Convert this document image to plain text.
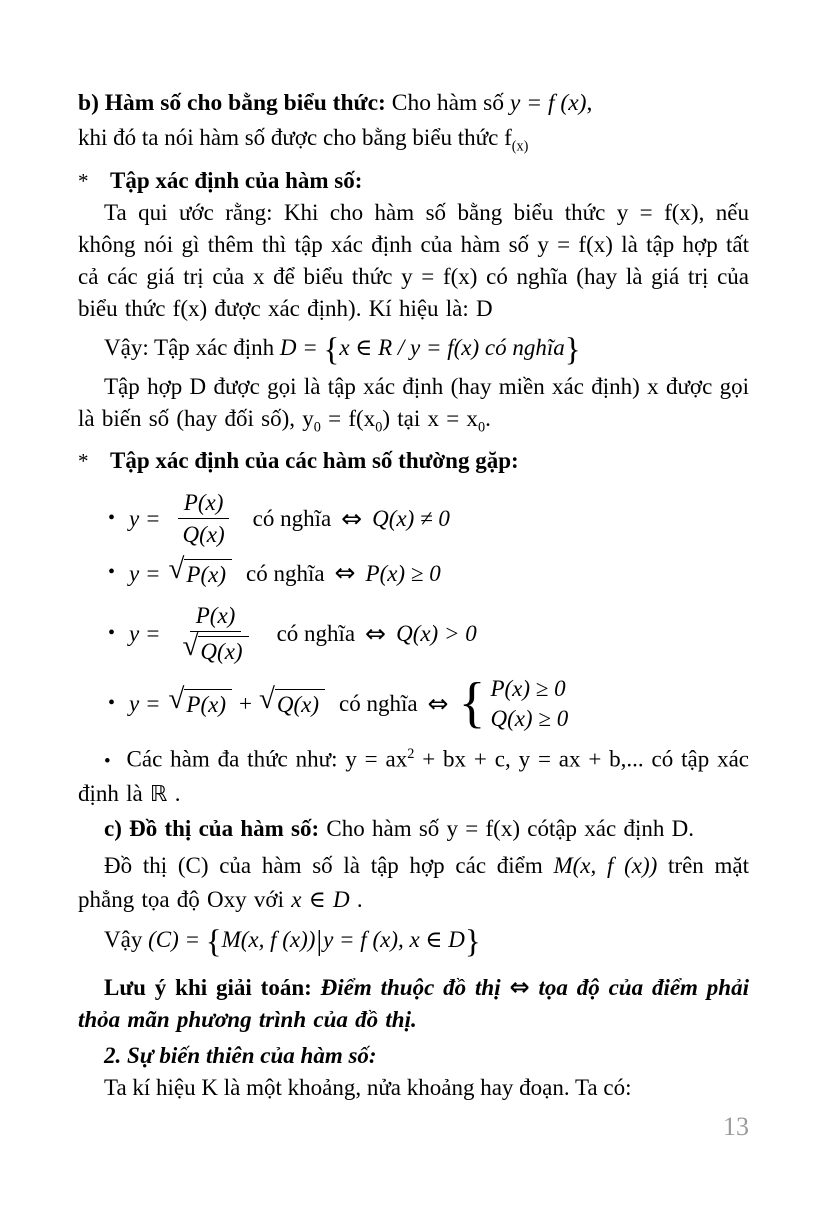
b) Hàm số cho bằng biểu thức: Cho hàm số y = f (x),

khi đó ta nói hàm số được cho bằng biểu thức $f_{(x)}$

* Tập xác định của hàm số:

Ta qui ước rằng: Khi cho hàm số bằng biểu thức y = f(x), nếu không nói gì thêm thì tập xác định của hàm số y = f(x) là tập hợp tất cả các giá trị của x để biểu thức y = f(x) có nghĩa (hay là giá trị của biểu thức f(x) được xác định). Kí hiệu là: D

Vậy: Tập xác định D = {x ∈ R / y = f(x) có nghĩa}

Tập hợp D được gọi là tập xác định (hay miền xác định) x được gọi là biến số (hay đối số), $y_0 = f(x_0)$ tại $x = x_0$.

* Tập xác định của các hàm số thường gặp:
• $y = \frac{P(x)}{Q(x)}$ có nghĩa ⇔ Q(x) ≠ 0
• y = √ P(x) có nghĩa ⇔ P(x) ≥ 0
• $y = \frac{P(x)}{√ Q(x)}$ có nghĩa ⇔ Q(x) > 0
• y = √ P(x) + √ Q(x) có nghĩa ⇔ { P(x) ≥ 0
Q(x) ≥ 0

• Các hàm đa thức như: $y = ax^2$ + bx + c, y = ax + b,... có tập xác định là ℝ .

c) Đồ thị của hàm số: Cho hàm số y = f(x) cótập xác định D.

Đồ thị (C) của hàm số là tập hợp các điểm M(x, f (x)) trên mặt phẳng tọa độ Oxy với x ∈ D .

Vậy (C) = {M(x, f (x))|y = f (x), x ∈ D}

Lưu ý khi giải toán: Điểm thuộc đồ thị ⇔ tọa độ của điểm phải thỏa mãn phương trình của đồ thị.

2. Sự biến thiên của hàm số:

Ta kí hiệu K là một khoảng, nửa khoảng hay đoạn. Ta có:

13
